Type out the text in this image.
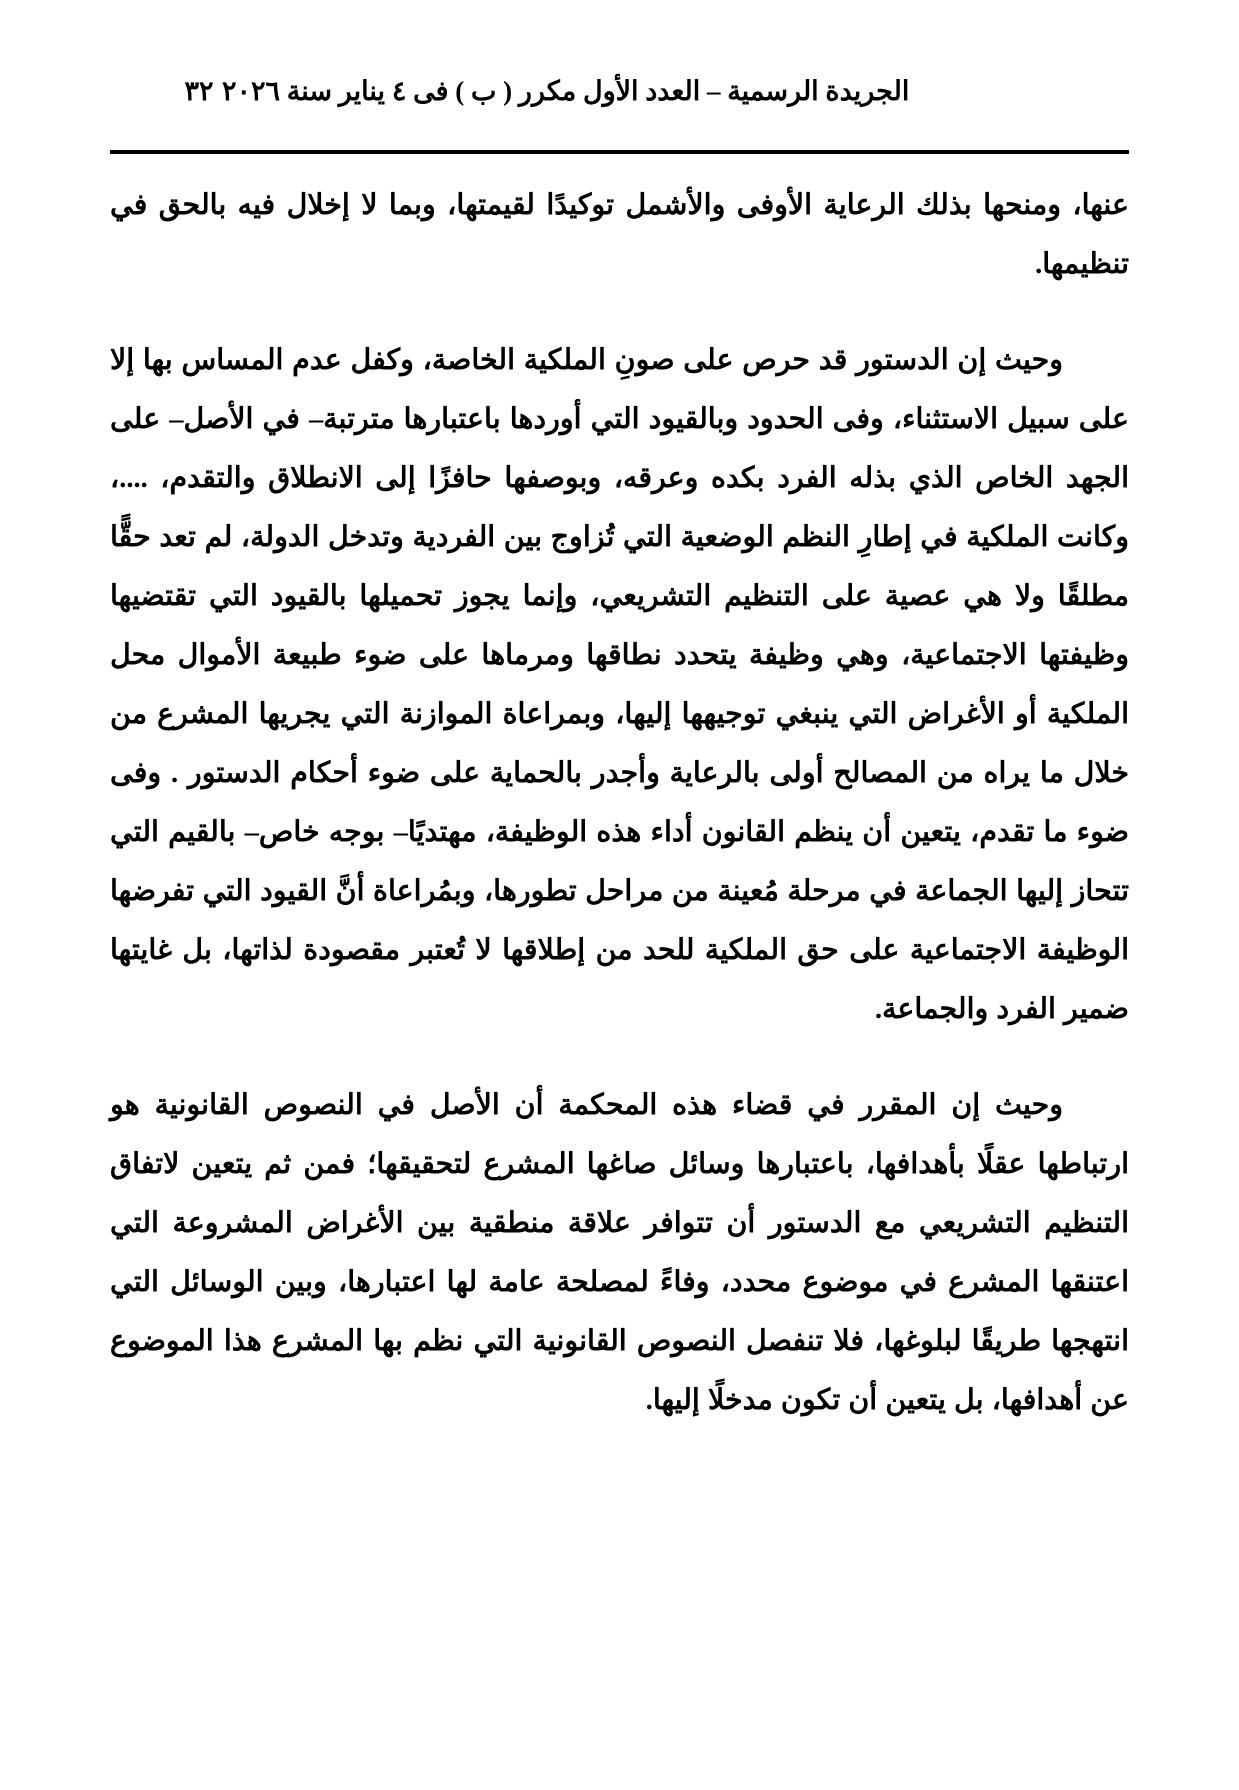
٣٢ الجريدة الرسمية – العدد الأول مكرر ( ب ) فى ٤ يناير سنة ٢٠٢٦

عنها، ومنحها بذلك الرعاية الأوفى والأشمل توكيدًا لقيمتها، وبما لا إخلال فيه بالحق في تنظيمها.

وحيث إن الدستور قد حرص على صونِ الملكية الخاصة، وكفل عدم المساس بها إلا على سبيل الاستثناء، وفى الحدود وبالقيود التي أوردها باعتبارها مترتبة– في الأصل– على الجهد الخاص الذي بذله الفرد بكده وعرقه، وبوصفها حافزًا إلى الانطلاق والتقدم، ....، وكانت الملكية في إطارِ النظم الوضعية التي تُزاوج بين الفردية وتدخل الدولة، لم تعد حقًّا مطلقًا ولا هي عصية على التنظيم التشريعي، وإنما يجوز تحميلها بالقيود التي تقتضيها وظيفتها الاجتماعية، وهي وظيفة يتحدد نطاقها ومرماها على ضوء طبيعة الأموال محل الملكية أو الأغراض التي ينبغي توجيهها إليها، وبمراعاة الموازنة التي يجريها المشرع من خلال ما يراه من المصالح أولى بالرعاية وأجدر بالحماية على ضوء أحكام الدستور . وفى ضوء ما تقدم، يتعين أن ينظم القانون أداء هذه الوظيفة، مهتديًا– بوجه خاص– بالقيم التي تتحاز إليها الجماعة في مرحلة مُعينة من مراحل تطورها، وبمُراعاة أنَّ القيود التي تفرضها الوظيفة الاجتماعية على حق الملكية للحد من إطلاقها لا تُعتبر مقصودة لذاتها، بل غايتها ضمير الفرد والجماعة.

وحيث إن المقرر في قضاء هذه المحكمة أن الأصل في النصوص القانونية هو ارتباطها عقلًا بأهدافها، باعتبارها وسائل صاغها المشرع لتحقيقها؛ فمن ثم يتعين لاتفاق التنظيم التشريعي مع الدستور أن تتوافر علاقة منطقية بين الأغراض المشروعة التي اعتنقها المشرع في موضوع محدد، وفاءً لمصلحة عامة لها اعتبارها، وبين الوسائل التي انتهجها طريقًا لبلوغها، فلا تنفصل النصوص القانونية التي نظم بها المشرع هذا الموضوع عن أهدافها، بل يتعين أن تكون مدخلًا إليها.
